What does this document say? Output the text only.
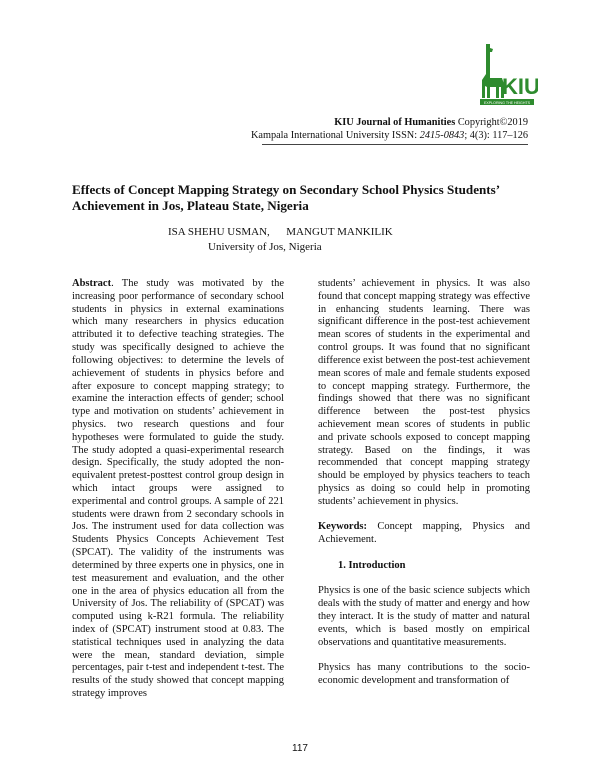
KIU
EXPLORING THE HEIGHTS
KIU Journal of Humanities Copyright©2019
Kampala International University ISSN: 2415-0843; 4(3): 117–126
Effects of Concept Mapping Strategy on Secondary School Physics Students’ Achievement in Jos, Plateau State, Nigeria
ISA SHEHU USMAN, MANGUT MANKILIK
University of Jos, Nigeria

Abstract. The study was motivated by the increasing poor performance of secondary school students in physics in external examinations which many researchers in physics education attributed it to defective teaching strategies. The study was specifically designed to achieve the following objectives: to determine the levels of achievement of students in physics before and after exposure to concept mapping strategy; to examine the interaction effects of gender; school type and motivation on students’ achievement in physics. two research questions and four hypotheses were formulated to guide the study. The study adopted a quasi-experimental research design. Specifically, the study adopted the non-equivalent pretest-posttest control group design in which intact groups were assigned to experimental and control groups. A sample of 221 students were drawn from 2 secondary schools in Jos. The instrument used for data collection was Students Physics Concepts Achievement Test (SPCAT). The validity of the instruments was determined by three experts one in physics, one in test measurement and evaluation, and the other one in the area of physics education all from the University of Jos. The reliability of (SPCAT) was computed using k-R21 formula. The reliability index of (SPCAT) instrument stood at 0.83. The statistical techniques used in analyzing the data were the mean, standard deviation, simple percentages, pair t-test and independent t-test. The results of the study showed that concept mapping strategy improves

students’ achievement in physics. It was also found that concept mapping strategy was effective in enhancing students learning. There was significant difference in the post-test achievement mean scores of students in the experimental and control groups. It was found that no significant difference exist between the post-test achievement mean scores of male and female students exposed to concept mapping strategy. Furthermore, the findings showed that there was no significant difference between the post-test physics achievement mean scores of students in public and private schools exposed to concept mapping strategy. Based on the findings, it was recommended that concept mapping strategy should be employed by physics teachers to teach physics as doing so could help in promoting students’ achievement in physics.

Keywords: Concept mapping, Physics and Achievement.

1. Introduction

Physics is one of the basic science subjects which deals with the study of matter and energy and how they interact. It is the study of matter and natural events, which is based mostly on empirical observations and quantitative measurements.

Physics has many contributions to the socio-economic development and transformation of

117
